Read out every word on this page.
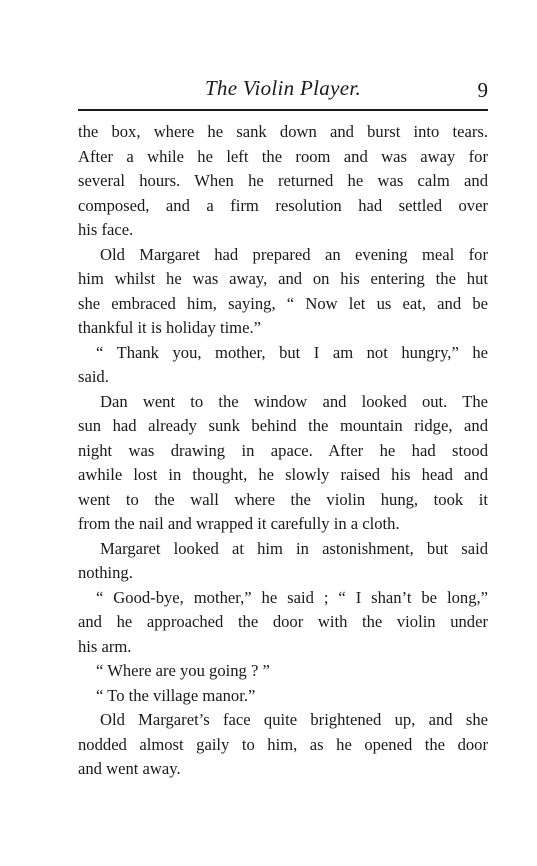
The Violin Player.	9
the box, where he sank down and burst into tears.
After a while he left the room and was away for
several hours. When he returned he was calm and
composed, and a firm resolution had settled over
his face.
Old Margaret had prepared an evening meal for
him whilst he was away, and on his entering the hut
she embraced him, saying, “ Now let us eat, and be
thankful it is holiday time.”
“ Thank you, mother, but I am not hungry,” he
said.
Dan went to the window and looked out. The
sun had already sunk behind the mountain ridge, and
night was drawing in apace. After he had stood
awhile lost in thought, he slowly raised his head and
went to the wall where the violin hung, took it
from the nail and wrapped it carefully in a cloth.
Margaret looked at him in astonishment, but said
nothing.
“ Good-bye, mother,” he said ; “ I shan’t be long,”
and he approached the door with the violin under
his arm.
“ Where are you going ? ”
“ To the village manor.”
Old Margaret’s face quite brightened up, and she
nodded almost gaily to him, as he opened the door
and went away.
